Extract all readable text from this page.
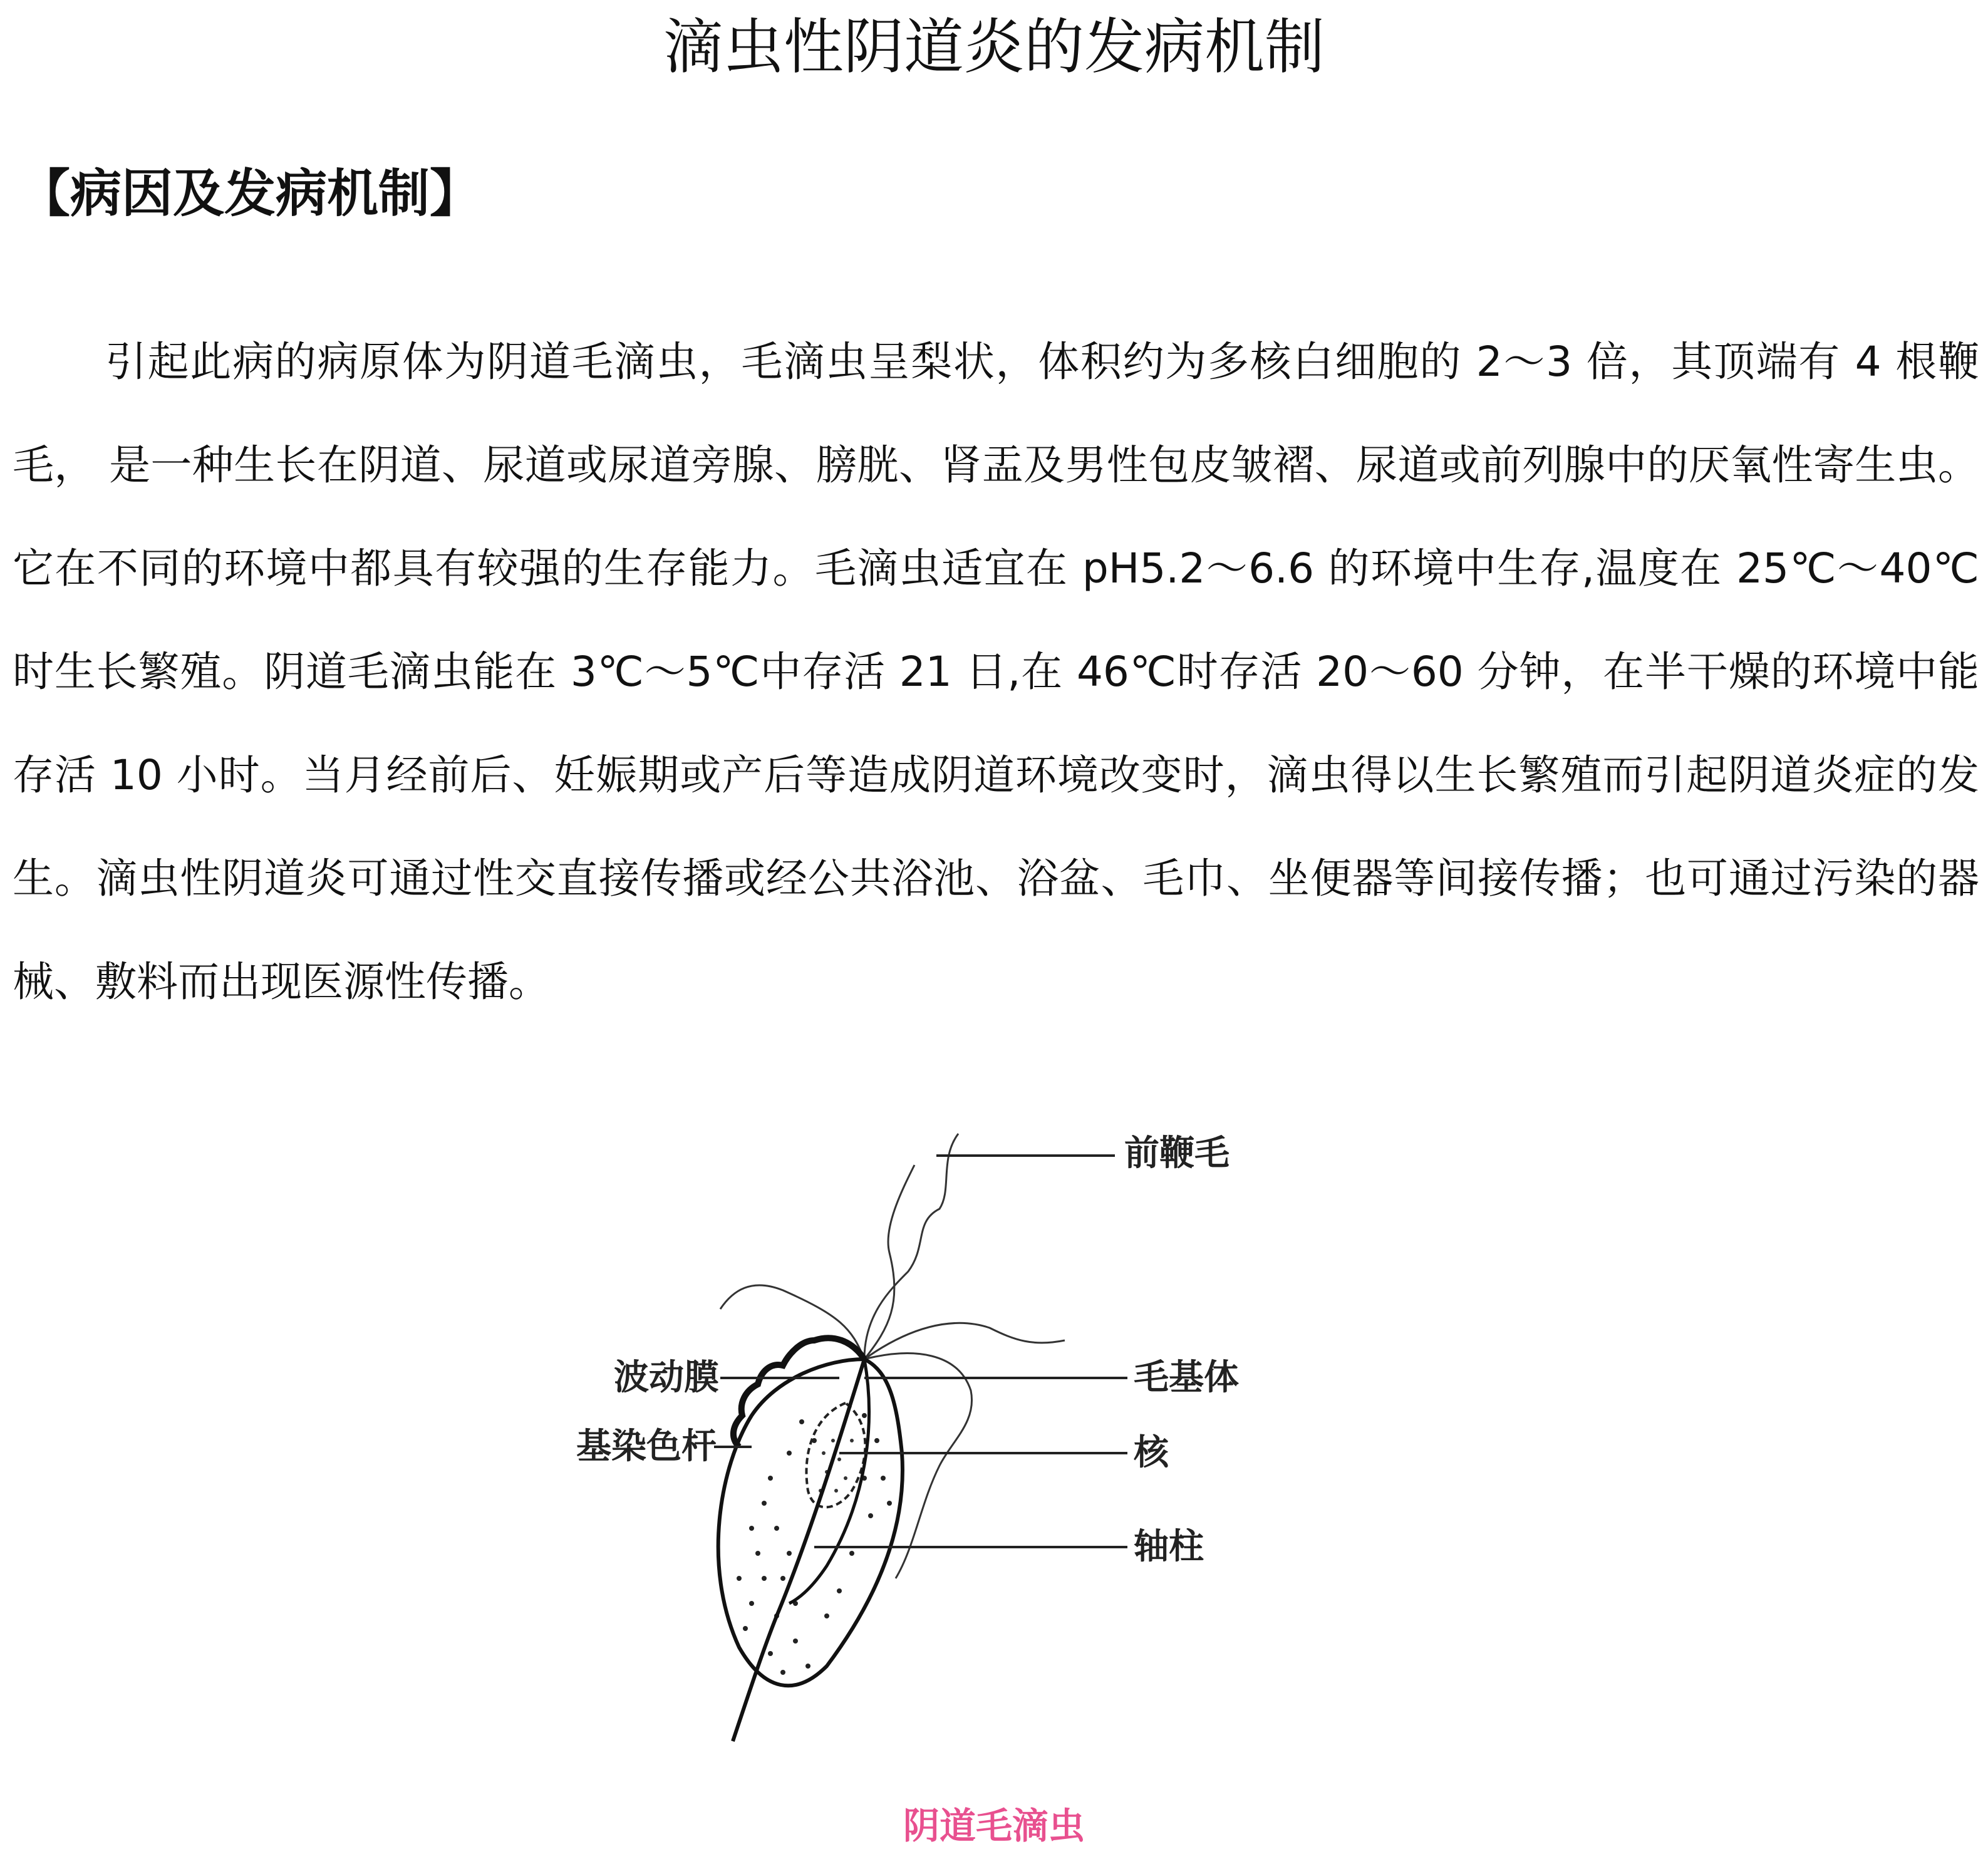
滴虫性阴道炎的发病机制
【病因及发病机制】

引起此病的病原体为阴道毛滴虫，毛滴虫呈梨状，体积约为多核白细胞的 2～3 倍，其顶端有 4 根鞭毛， 是一种生长在阴道、尿道或尿道旁腺、膀胱、肾盂及男性包皮皱褶、尿道或前列腺中的厌氧性寄生虫。它在不同的环境中都具有较强的生存能力。毛滴虫适宜在 pH5.2～6.6 的环境中生存,温度在 25℃～40℃时生长繁殖。阴道毛滴虫能在 3℃～5℃中存活 21 日,在 46℃时存活 20～60 分钟，在半干燥的环境中能存活 10 小时。当月经前后、妊娠期或产后等造成阴道环境改变时，滴虫得以生长繁殖而引起阴道炎症的发生。滴虫性阴道炎可通过性交直接传播或经公共浴池、浴盆、毛巾、坐便器等间接传播；也可通过污染的器械、敷料而出现医源性传播。

前鞭毛
波动膜	毛基体
基染色杆	核
轴柱
阴道毛滴虫
